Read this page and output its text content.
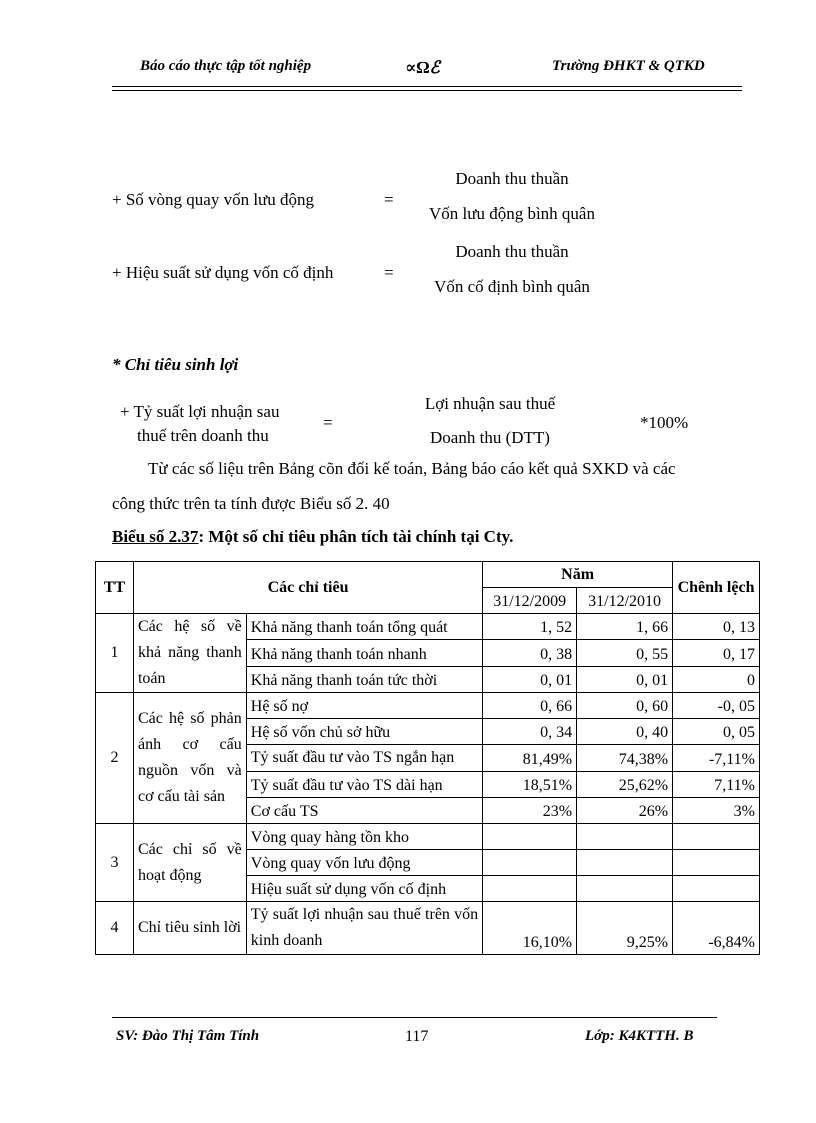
Báo cáo thực tập tốt nghiệp	∝Ωℰ	Trường ĐHKT & QTKD
+ Số vòng quay vốn lưu động	=
Doanh thu thuần
Vốn lưu động bình quân
+ Hiệu suất sử dụng vốn cố định	=
Doanh thu thuần
Vốn cố định bình quân
* Chỉ tiêu sinh lợi
+ Tỷ suất lợi nhuận sau
thuế trên doanh thu
=
Lợi nhuận sau thuế
Doanh thu (DTT)
*100%
Từ các số liệu trên Bảng cõn đối kế toán, Bảng báo cáo kết quả SXKD và các
công thức trên ta tính được Biểu số 2. 40
Biểu số 2.37: Một số chỉ tiêu phân tích tài chính tại Cty.
TT	Các chỉ tiêu		Năm		Chênh lệch
			31/12/2009	31/12/2010	
1	Các hệ số về khả năng thanh toán	Khả năng thanh toán tổng quát	1, 52	1, 66	0, 13
		Khả năng thanh toán nhanh	0, 38	0, 55	0, 17
		Khả năng thanh toán tức thời	0, 01	0, 01	0
2	Các hệ số phản ánh cơ cấu nguồn vốn và cơ cấu tài sản	Hệ số nợ	0, 66	0, 60	-0, 05
		Hệ số vốn chủ sở hữu	0, 34	0, 40	0, 05
		Tỷ suất đầu tư vào TS ngắn hạn	81,49%	74,38%	-7,11%

		Tỷ suất đầu tư vào TS dài hạn	18,51%	25,62%	7,11%
		Cơ cấu TS	23%	26%	3%
3	Các chỉ số về hoạt động	Vòng quay hàng tồn kho			
		Vòng quay vốn lưu động			
		Hiệu suất sử dụng vốn cố định			
4	Chỉ tiêu sinh lời	Tỷ suất lợi nhuận sau thuế trên vốn kinh doanh	16,10%	9,25%	-6,84%
SV: Đào Thị Tâm Tính	117	Lớp: K4KTTH. B
